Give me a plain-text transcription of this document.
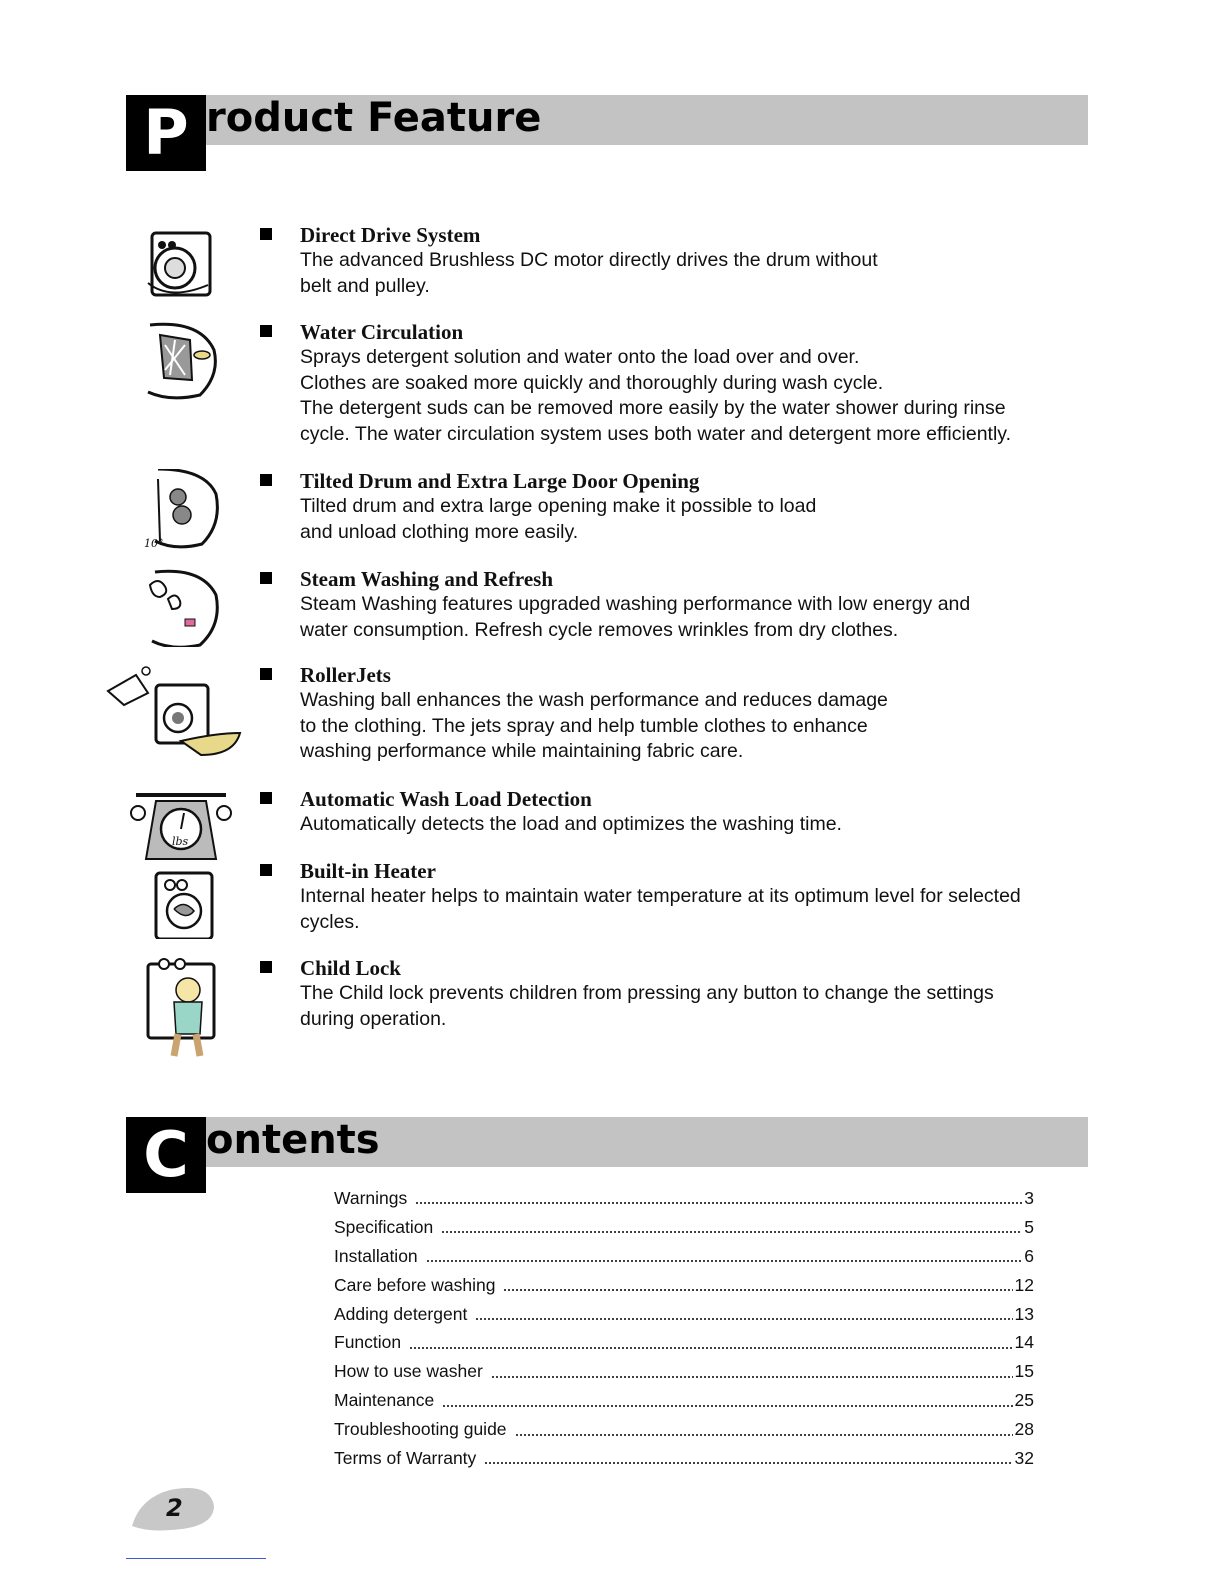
P roduct Feature
Direct Drive System
The advanced Brushless DC motor directly drives the drum without
belt and pulley.
Water Circulation
Sprays detergent solution and water onto the load over and over.
Clothes are soaked more quickly and thoroughly during wash cycle.
The detergent suds can be removed more easily by the water shower during rinse
cycle. The water circulation system uses both water and detergent more efficiently.
10°
Tilted Drum and Extra Large Door Opening
Tilted drum and extra large opening make it possible to load
and unload clothing more easily.
Steam Washing and Refresh
Steam Washing features upgraded washing performance with low energy and
water consumption. Refresh cycle removes wrinkles from dry clothes.
RollerJets
Washing ball enhances the wash performance and reduces damage
to the clothing. The jets spray and help tumble clothes to enhance
washing performance while maintaining fabric care.
lbs
Automatic Wash Load Detection
Automatically detects the load and optimizes the washing time.
Built-in Heater
Internal heater helps to maintain water temperature at its optimum level for selected
cycles.
Child Lock
The Child lock prevents children from pressing any button to change the settings
during operation.
C ontents
Warnings	3
Specification	5
Installation	6
Care before washing	12
Adding detergent	13
Function	14
How to use washer	15
Maintenance	25
Troubleshooting guide	28
Terms of Warranty	32
2
